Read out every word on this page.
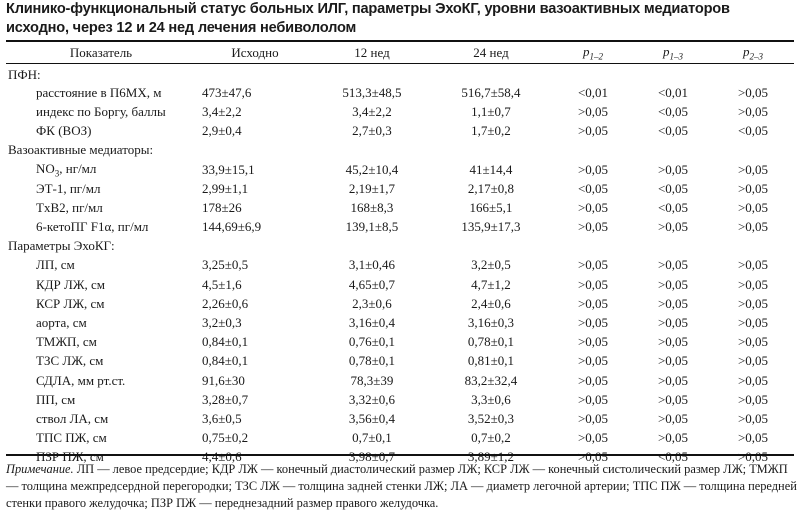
Клинико-функциональный статус больных ИЛГ, параметры ЭхоКГ, уровни вазоактивных медиаторов исходно, через 12 и 24 нед лечения небивололом
Показатель	Исходно	12 нед	24 нед	$p_{1-2}$	$p_{1-3}$	$p_{2-3}$
ПФН:						
расстояние в П6МХ, м	473±47,6	513,3±48,5	516,7±58,4	<0,01	<0,01	>0,05
индекс по Боргу, баллы	3,4±2,2	3,4±2,2	1,1±0,7	>0,05	<0,05	>0,05
ФК (ВОЗ)	2,9±0,4	2,7±0,3	1,7±0,2	>0,05	<0,05	<0,05
Вазоактивные медиаторы:						
$NO_3$, нг/мл	33,9±15,1	45,2±10,4	41±14,4	>0,05	>0,05	>0,05
ЭТ-1, пг/мл	2,99±1,1	2,19±1,7	2,17±0,8	<0,05	<0,05	>0,05
TxB2, пг/мл	178±26	168±8,3	166±5,1	>0,05	<0,05	>0,05
6-кетоПГ F1α, пг/мл	144,69±6,9	139,1±8,5	135,9±17,3	>0,05	>0,05	>0,05
Параметры ЭхоКГ:						
ЛП, см	3,25±0,5	3,1±0,46	3,2±0,5	>0,05	>0,05	>0,05
КДР ЛЖ, см	4,5±1,6	4,65±0,7	4,7±1,2	>0,05	>0,05	>0,05
КСР ЛЖ, см	2,26±0,6	2,3±0,6	2,4±0,6	>0,05	>0,05	>0,05
аорта, см	3,2±0,3	3,16±0,4	3,16±0,3	>0,05	>0,05	>0,05
ТМЖП, см	0,84±0,1	0,76±0,1	0,78±0,1	>0,05	>0,05	>0,05
ТЗС ЛЖ, см	0,84±0,1	0,78±0,1	0,81±0,1	>0,05	>0,05	>0,05
СДЛА, мм рт.ст.	91,6±30	78,3±39	83,2±32,4	>0,05	>0,05	>0,05
ПП, см	3,28±0,7	3,32±0,6	3,3±0,6	>0,05	>0,05	>0,05
ствол ЛА, см	3,6±0,5	3,56±0,4	3,52±0,3	>0,05	>0,05	>0,05
ТПС ПЖ, см	0,75±0,2	0,7±0,1	0,7±0,2	>0,05	>0,05	>0,05
ПЗР ПЖ, см	4,4±0,6	3,98±0,7	3,89±1,2	>0,05	<0,05	>0,05
Примечание. ЛП — левое предсердие; КДР ЛЖ — конечный диастолический размер ЛЖ; КСР ЛЖ — конечный систолический размер ЛЖ; ТМЖП — толщина межпредсердной перегородки; ТЗС ЛЖ — толщина задней стенки ЛЖ; ЛА — диаметр легочной артерии; ТПС ПЖ — толщина передней стенки правого желудочка; ПЗР ПЖ — переднезадний размер правого желудочка.
